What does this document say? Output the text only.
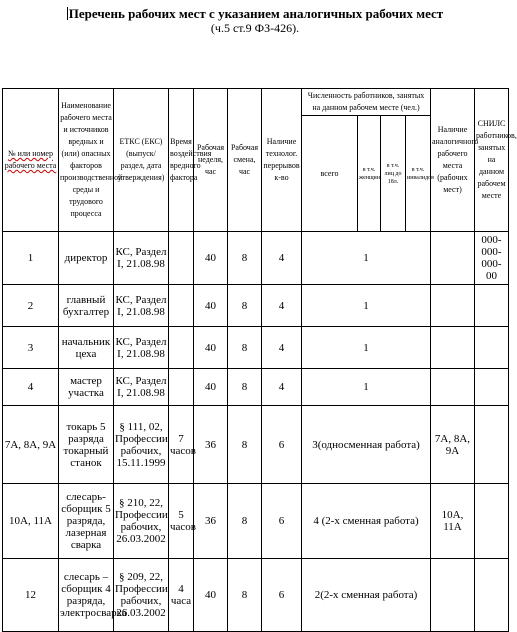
Перечень рабочих мест с указанием аналогичных рабочих мест
(ч.5 ст.9 ФЗ-426).
№ или номер рабочего места	Наименование рабочего места и источников вредных и (или) опасных факторов производственной среды и трудового процесса	ЕТКС (ЕКС) (выпуск/раздел, дата утверждения)	Время воздействия вредного фактора	Рабочая неделя, час	Рабочая смена, час	Наличие технолог. перерывов к-во	Численность работников, занятых на данном рабочем месте (чел.)				Наличие аналогичного рабочего места (рабочих мест)	СНИЛС работников, занятых на данном рабочем месте
							всего	в т.ч. женщин	в т.ч. лиц до 18л.	в т.ч. инвалидов		
1	директор	КС, Раздел I, 21.08.98		40	8	4	1					000-000-000-00
2	главный бухгалтер	КС, Раздел I, 21.08.98		40	8	4	1					
3	начальник цеха	КС, Раздел I, 21.08.98		40	8	4	1					
4	мастер участка	КС, Раздел I, 21.08.98		40	8	4	1					
7А, 8А, 9А	токарь 5 разряда токарный станок	§ 111, 02, Профессии рабочих, 15.11.1999	7 часов	36	8	6	3(односменная работа)				7А, 8А, 9А	
10А, 11А	слесарь-сборщик 5 разряда, лазерная сварка	§ 210, 22, Профессии рабочих, 26.03.2002	5 часов	36	8	6	4 (2-х сменная работа)				10А, 11А	
12	слесарь – сборщик 4 разряда, электросварка	§ 209, 22, Профессии рабочих, 26.03.2002	4 часа	40	8	6	2(2-х сменная работа)					
